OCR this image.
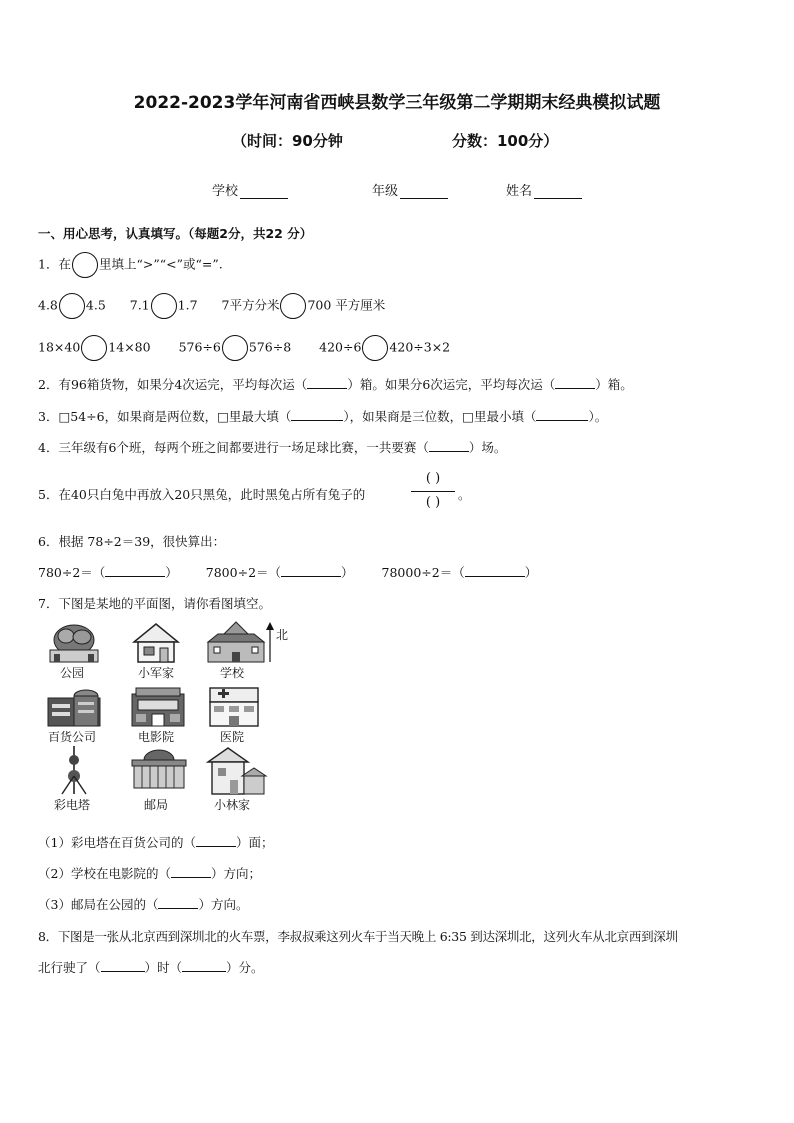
2022-2023学年河南省西峡县数学三年级第二学期期末经典模拟试题
（时间：90分钟	分数：100分）
学校	年级	姓名
一、用心思考，认真填写。（每题2分，共22 分）
1．在 里填上“>”“<”或“=”.
4.8 4.5 7.1 1.7 7平方分米 700 平方厘米
18×40 14×80 576÷6 576÷8 420÷6 420÷3×2
2．有96箱货物，如果分4次运完，平均每次运（	）箱。如果分6次运完，平均每次运（	）箱。
3．□54÷6，如果商是两位数，□里最大填（	），如果商是三位数，□里最小填（	）。
4．三年级有6个班，每两个班之间都要进行一场足球比赛，一共要赛（	）场。
5．在40只白兔中再放入20只黑兔，此时黑兔占所有兔子的
( )
( )
。
6．根据 78÷2＝39，很快算出：
780÷2＝（	） 7800÷2＝（	） 78000÷2＝（	）
7．下图是某地的平面图，请你看图填空。
公园	小军家	学校
北
百货公司	电影院	医院
彩电塔	邮局	小林家
（1）彩电塔在百货公司的（	）面；
（2）学校在电影院的（	）方向；
（3）邮局在公园的（	）方向。
8．下图是一张从北京西到深圳北的火车票，李叔叔乘这列火车于当天晚上 6:35 到达深圳北，这列火车从北京西到深圳
北行驶了（	）时（	）分。
